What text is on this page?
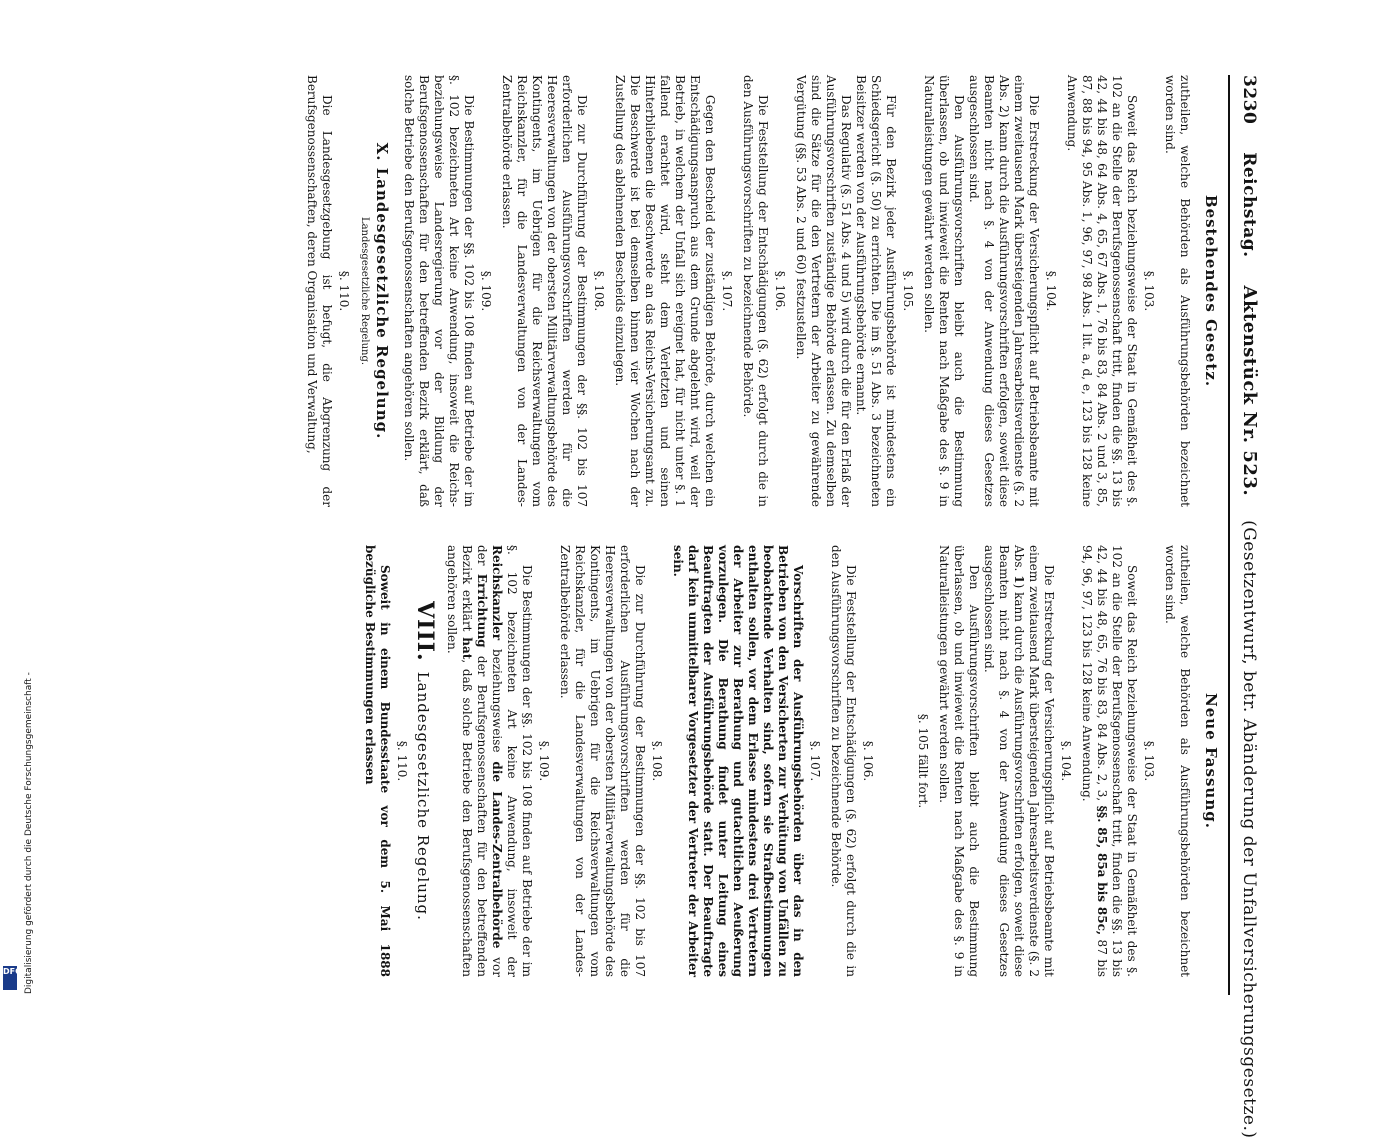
3230 Reichstag. Aktenstück Nr. 523. (Gesetzentwurf, betr. Abänderung der Unfallversicherungsgesetze.)
Bestehendes Gesetz.

zutheilen, welche Behörden als Ausführungsbehörden bezeichnet worden sind.

§. 103.

Soweit das Reich beziehungsweise der Staat in Gemäßheit des §. 102 an die Stelle der Berufsgenossenschaft tritt, finden die §§. 13 bis 42, 44 bis 48, 64 Abs. 4, 65, 67 Abs. 1, 76 bis 83, 84 Abs. 2 und 3, 85, 87, 88 bis 94, 95 Abs. 1, 96, 97, 98 Abs. 1 lit. a, d, e, 123 bis 128 keine Anwendung.

§. 104.

Die Erstreckung der Versicherungspflicht auf Betriebsbeamte mit einem zweitausend Mark übersteigenden Jahresarbeitsverdienste (§. 2 Abs. 2) kann durch die Ausführungsvorschriften erfolgen, soweit diese Beamten nicht nach §. 4 von der Anwendung dieses Gesetzes ausgeschlossen sind.

Den Ausführungsvorschriften bleibt auch die Bestimmung überlassen, ob und inwieweit die Renten nach Maßgabe des §. 9 in Naturalleistungen gewährt werden sollen.

§. 105.

Für den Bezirk jeder Ausführungsbehörde ist mindestens ein Schiedsgericht (§. 50) zu errichten. Die im §. 51 Abs. 3 bezeichneten Beisitzer werden von der Ausführungsbehörde ernannt.

Das Regulativ (§. 51 Abs. 4 und 5) wird durch die für den Erlaß der Ausführungsvorschriften zuständige Behörde erlassen. Zu demselben sind die Sätze für die den Vertretern der Arbeiter zu gewährende Vergütung (§§. 53 Abs. 2 und 60) festzustellen.

§. 106.

Die Feststellung der Entschädigungen (§. 62) erfolgt durch die in den Ausführungsvorschriften zu bezeichnende Behörde.

§. 107.

Gegen den Bescheid der zuständigen Behörde, durch welchen ein Entschädigungsanspruch aus dem Grunde abgelehnt wird, weil der Betrieb, in welchem der Unfall sich ereignet hat, für nicht unter §. 1 fallend erachtet wird, steht dem Verletzten und seinen Hinterbliebenen die Beschwerde an das Reichs-Versicherungsamt zu. Die Beschwerde ist bei demselben binnen vier Wochen nach der Zustellung des ablehnenden Bescheids einzulegen.

§. 108.

Die zur Durchführung der Bestimmungen der §§. 102 bis 107 erforderlichen Ausführungsvorschriften werden für die Heeresverwaltungen von der obersten Militärverwaltungsbehörde des Kontingents, im Uebrigen für die Reichsverwaltungen vom Reichskanzler, für die Landesverwaltungen von der Landes-Zentralbehörde erlassen.

§. 109.

Die Bestimmungen der §§. 102 bis 108 finden auf Betriebe der im §. 102 bezeichneten Art keine Anwendung, insoweit die Reichs- beziehungsweise Landesregierung vor der Bildung der Berufsgenossenschaften für den betreffenden Bezirk erklärt, daß solche Betriebe den Berufsgenossenschaften angehören sollen.

X. Landesgesetzliche Regelung.
Landesgesetzliche Regelung.
§. 110.

Die Landesgesetzgebung ist befugt, die Abgrenzung der Berufsgenossenschaften, deren Organisation und Verwaltung,

Neue Fassung.

zutheilen, welche Behörden als Ausführungsbehörden bezeichnet worden sind.

§. 103.

Soweit das Reich beziehungsweise der Staat in Gemäßheit des §. 102 an die Stelle der Berufsgenossenschaft tritt, finden die §§. 13 bis 42, 44 bis 48, 65, 76 bis 83, 84 Abs. 2, 3, §§. 85, 85a bis 85c, 87 bis 94, 96, 97, 123 bis 128 keine Anwendung.

§. 104.

Die Erstreckung der Versicherungspflicht auf Betriebsbeamte mit einem zweitausend Mark übersteigenden Jahresarbeitsverdienste (§. 2 Abs. 1) kann durch die Ausführungsvorschriften erfolgen, soweit diese Beamten nicht nach §. 4 von der Anwendung dieses Gesetzes ausgeschlossen sind.

Den Ausführungsvorschriften bleibt auch die Bestimmung überlassen, ob und inwieweit die Renten nach Maßgabe des §. 9 in Naturalleistungen gewährt werden sollen.

§. 105 fällt fort.
§. 106.

Die Feststellung der Entschädigungen (§. 62) erfolgt durch die in den Ausführungsvorschriften zu bezeichnende Behörde.

§. 107.

Vorschriften der Ausführungsbehörden über das in den Betrieben von den Versicherten zur Verhütung von Unfällen zu beobachtende Verhalten sind, sofern sie Strafbestimmungen enthalten sollen, vor dem Erlasse mindestens drei Vertretern der Arbeiter zur Berathung und gutachtlichen Aeußerung vorzulegen. Die Berathung findet unter Leitung eines Beauftragten der Ausführungsbehörde statt. Der Beauftragte darf kein unmittelbarer Vorgesetzter der Vertreter der Arbeiter sein.

§. 108.

Die zur Durchführung der Bestimmungen der §§. 102 bis 107 erforderlichen Ausführungsvorschriften werden für die Heeresverwaltungen von der obersten Militärverwaltungsbehörde des Kontingents, im Uebrigen für die Reichsverwaltungen vom Reichskanzler, für die Landesverwaltungen von der Landes-Zentralbehörde erlassen.

§. 109.

Die Bestimmungen der §§. 102 bis 108 finden auf Betriebe der im §. 102 bezeichneten Art keine Anwendung, insoweit der Reichskanzler beziehungsweise die Landes-Zentralbehörde vor der Errichtung der Berufsgenossenschaften für den betreffenden Bezirk erklärt hat, daß solche Betriebe den Berufsgenossenschaften angehören sollen.

VIII.Landesgesetzliche Regelung.
§. 110.

Soweit in einem Bundesstaate vor dem 5. Mai 1888 bezügliche Bestimmungen erlassen

Digitalisierung gefördert durch die Deutsche Forschungsgemeinschaft -
DFG
